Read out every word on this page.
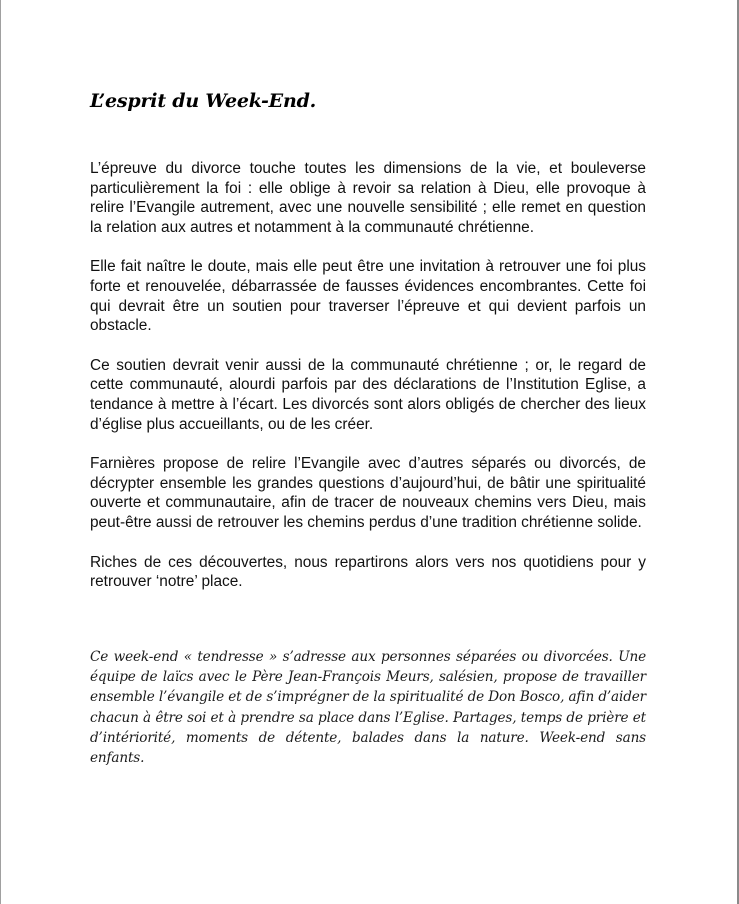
L’esprit du Week-End.

L’épreuve du divorce touche toutes les dimensions de la vie, et bouleverse particulièrement la foi : elle oblige à revoir sa relation à Dieu, elle provoque à relire l’Evangile autrement, avec une nouvelle sensibilité ; elle remet en question la relation aux autres et notamment à la communauté chrétienne.

Elle fait naître le doute, mais elle peut être une invitation à retrouver une foi plus forte et renouvelée, débarrassée de fausses évidences encombrantes. Cette foi qui devrait être un soutien pour traverser l’épreuve et qui devient parfois un obstacle.

Ce soutien devrait venir aussi de la communauté chrétienne ; or, le regard de cette communauté, alourdi parfois par des déclarations de l’Institution Eglise, a tendance à mettre à l’écart. Les divorcés sont alors obligés de chercher des lieux d’église plus accueillants, ou de les créer.

Farnières propose de relire l’Evangile avec d’autres séparés ou divorcés, de décrypter ensemble les grandes questions d’aujourd’hui, de bâtir une spiritualité ouverte et communautaire, afin de tracer de nouveaux chemins vers Dieu, mais peut-être aussi de retrouver les chemins perdus d’une tradition chrétienne solide.

Riches de ces découvertes, nous repartirons alors vers nos quotidiens pour y retrouver ‘notre’ place.

Ce week-end « tendresse » s’adresse aux personnes séparées ou divorcées. Une équipe de laïcs avec le Père Jean-François Meurs, salésien, propose de travailler ensemble l’évangile et de s’imprégner de la spiritualité de Don Bosco, afin d’aider chacun à être soi et à prendre sa place dans l’Eglise. Partages, temps de prière et d’intériorité, moments de détente, balades dans la nature. Week-end sans enfants.
